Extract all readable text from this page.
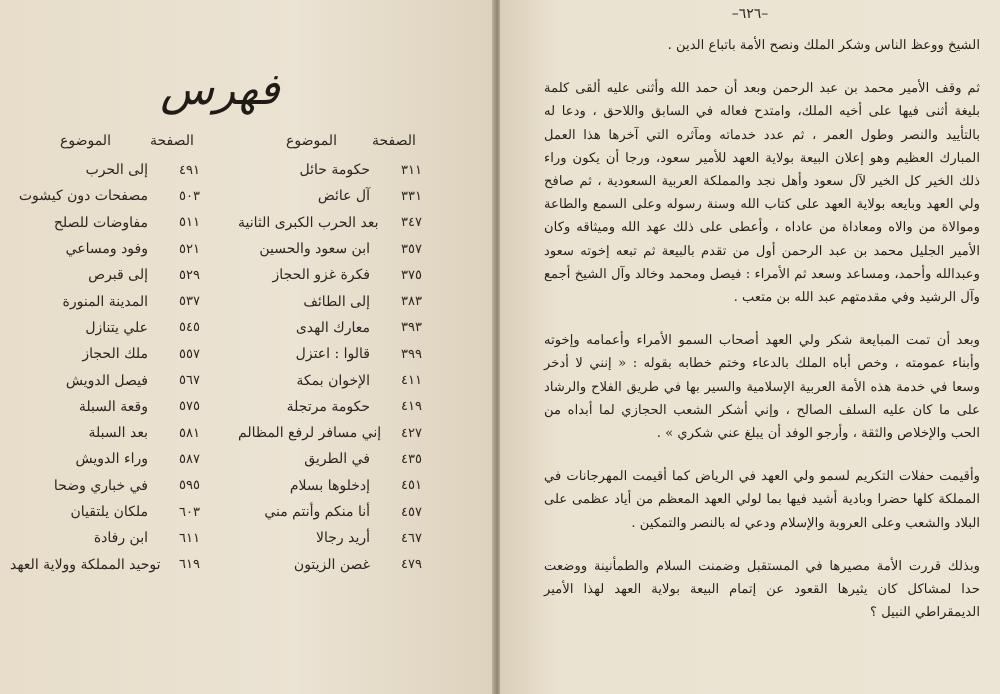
فهرس
الصفحة
الموضوع
الصفحة
الموضوع
٣١١
حكومة حائل
٣٣١
آل عائض
٣٤٧
بعد الحرب الكبرى الثانية
٣٥٧
ابن سعود والحسين
٣٧٥
فكرة غزو الحجاز
٣٨٣
إلى الطائف
٣٩٣
معارك الهدى
٣٩٩
قالوا : اعتزل
٤١١
الإخوان بمكة
٤١٩
حكومة مرتجلة
٤٢٧
إني مسافر لرفع المظالم
٤٣٥
في الطريق
٤٥١
إدخلوها بسلام
٤٥٧
أنا منكم وأنتم مني
٤٦٧
أريد رجالا
٤٧٩
غصن الزيتون
٤٩١
إلى الحرب
٥٠٣
مصفحات دون كيشوت
٥١١
مفاوضات للصلح
٥٢١
وفود ومساعي
٥٢٩
إلى قبرص
٥٣٧
المدينة المنورة
٥٤٥
علي يتنازل
٥٥٧
ملك الحجاز
٥٦٧
فيصل الدويش
٥٧٥
وقعة السبلة
٥٨١
بعد السبلة
٥٨٧
وراء الدويش
٥٩٥
في خباري وضحا
٦٠٣
ملكان يلتقيان
٦١١
ابن رفادة
٦١٩
توحيد المملكة وولاية العهد
–٦٢٦–

الشيخ ووعظ الناس وشكر الملك ونصح الأمة باتباع الدين .

ثم وقف الأمير محمد بن عبد الرحمن وبعد أن حمد الله وأثنى عليه ألقى كلمة بليغة أثنى فيها على أخيه الملك، وامتدح فعاله في السابق واللاحق ، ودعا له بالتأييد والنصر وطول العمر ، ثم عدد خدماته ومآثره التي آخرها هذا العمل المبارك العظيم وهو إعلان البيعة بولاية العهد للأمير سعود، ورجا أن يكون وراء ذلك الخير كل الخير لآل سعود وأهل نجد والمملكة العربية السعودية ، ثم صافح ولي العهد وبايعه بولاية العهد على كتاب الله وسنة رسوله وعلى السمع والطاعة وموالاة من والاه ومعاداة من عاداه ، وأعطى على ذلك عهد الله وميثاقه وكان الأمير الجليل محمد بن عبد الرحمن أول من تقدم بالبيعة ثم تبعه إخوته سعود وعبدالله وأحمد، ومساعد وسعد ثم الأمراء : فيصل ومحمد وخالد وآل الشيخ أجمع وآل الرشيد وفي مقدمتهم عبد الله بن متعب .

وبعد أن تمت المبايعة شكر ولي العهد أصحاب السمو الأمراء وأعمامه وإخوته وأبناء عمومته ، وخص أباه الملك بالدعاء وختم خطابه بقوله : « إنني لا أدخر وسعا في خدمة هذه الأمة العربية الإسلامية والسير بها في طريق الفلاح والرشاد على ما كان عليه السلف الصالح ، وإني أشكر الشعب الحجازي لما أبداه من الحب والإخلاص والثقة ، وأرجو الوفد أن يبلغ عني شكري » .

وأقيمت حفلات التكريم لسمو ولي العهد في الرياض كما أقيمت المهرجانات في المملكة كلها حضرا وبادية أشيد فيها بما لولي العهد المعظم من أياد عظمى على البلاد والشعب وعلى العروبة والإسلام ودعي له بالنصر والتمكين .

وبذلك قررت الأمة مصيرها في المستقبل وضمنت السلام والطمأنينة ووضعت حدا لمشاكل كان يثيرها القعود عن إتمام البيعة بولاية العهد لهذا الأمير الديمقراطي النبيل ؟
